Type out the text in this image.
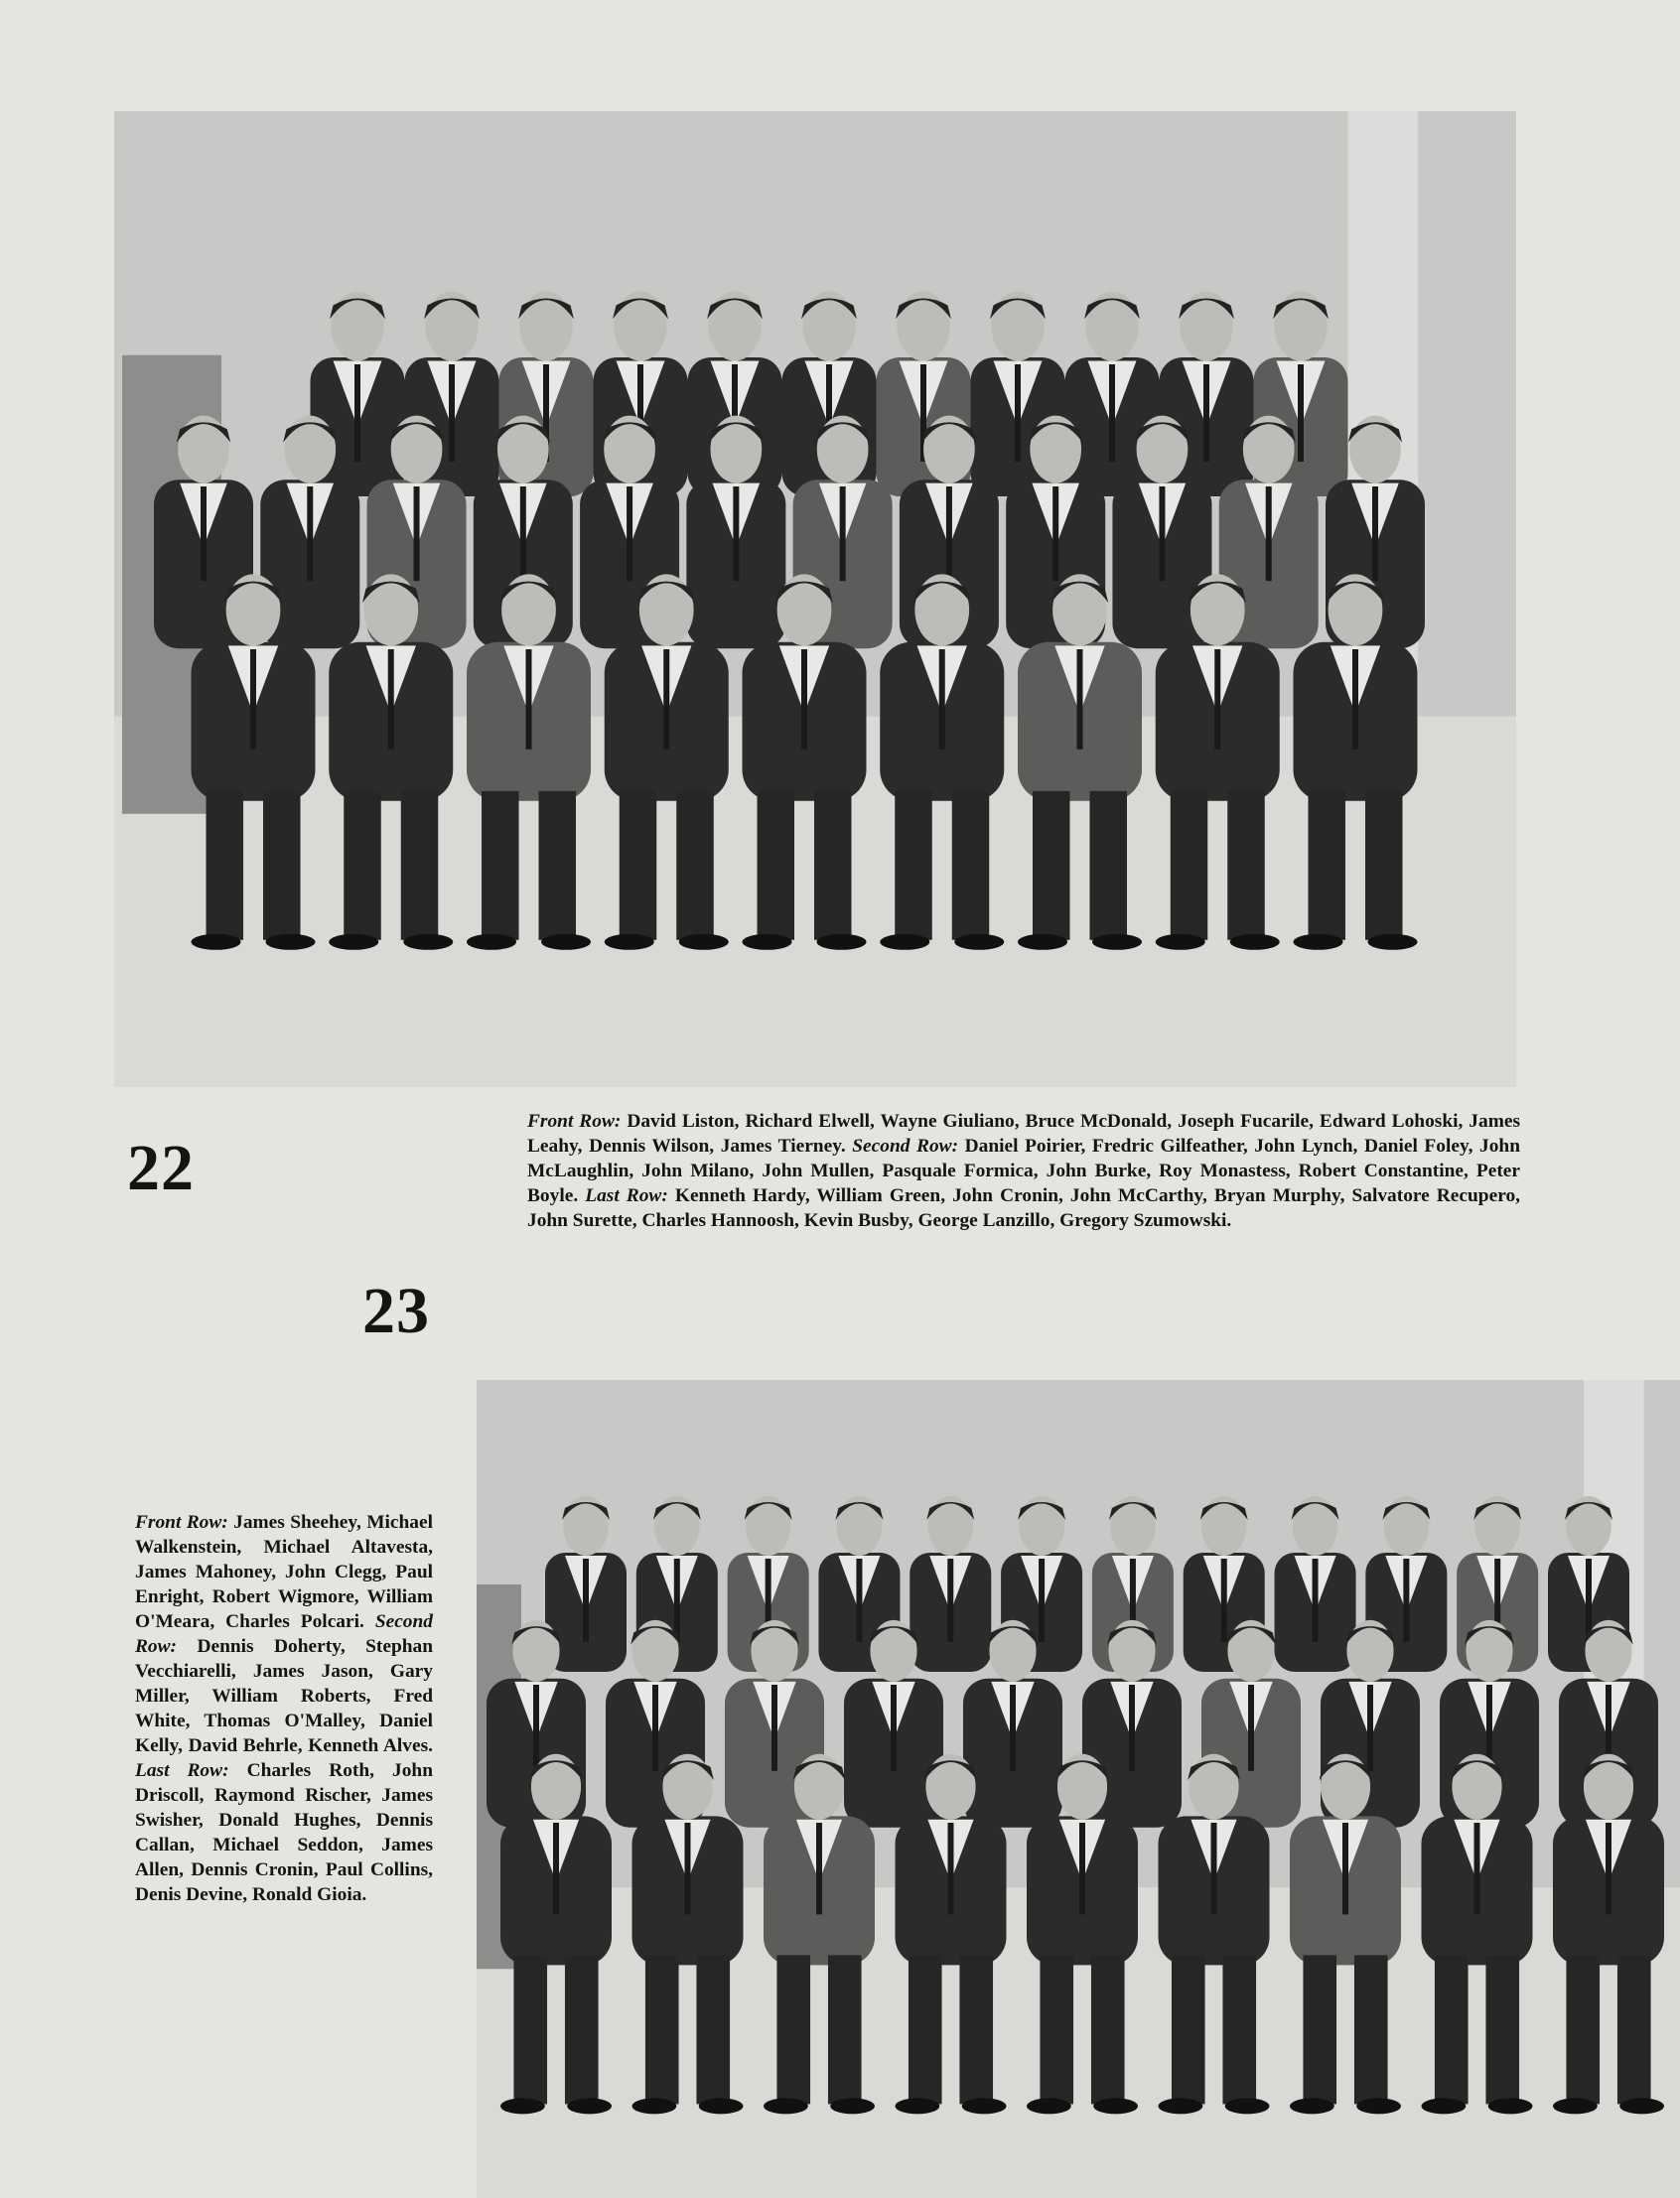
22
Front Row: David Liston, Richard Elwell, Wayne Giuliano, Bruce McDonald, Joseph Fucarile, Edward Lohoski, James Leahy, Dennis Wilson, James Tierney. Second Row: Daniel Poirier, Fredric Gilfeather, John Lynch, Daniel Foley, John McLaughlin, John Milano, John Mullen, Pasquale Formica, John Burke, Roy Monastess, Robert Constantine, Peter Boyle. Last Row: Kenneth Hardy, William Green, John Cronin, John McCarthy, Bryan Murphy, Salvatore Recupero, John Surette, Charles Hannoosh, Kevin Busby, George Lanzillo, Gregory Szumowski.
23
Front Row: James Sheehey, Michael Walkenstein, Michael Altavesta, James Mahoney, John Clegg, Paul Enright, Robert Wigmore, William O'Meara, Charles Polcari. Second Row: Dennis Doherty, Stephan Vecchiarelli, James Jason, Gary Miller, William Roberts, Fred White, Thomas O'Malley, Daniel Kelly, David Behrle, Kenneth Alves. Last Row: Charles Roth, John Driscoll, Raymond Rischer, James Swisher, Donald Hughes, Dennis Callan, Michael Seddon, James Allen, Dennis Cronin, Paul Collins, Denis Devine, Ronald Gioia.
